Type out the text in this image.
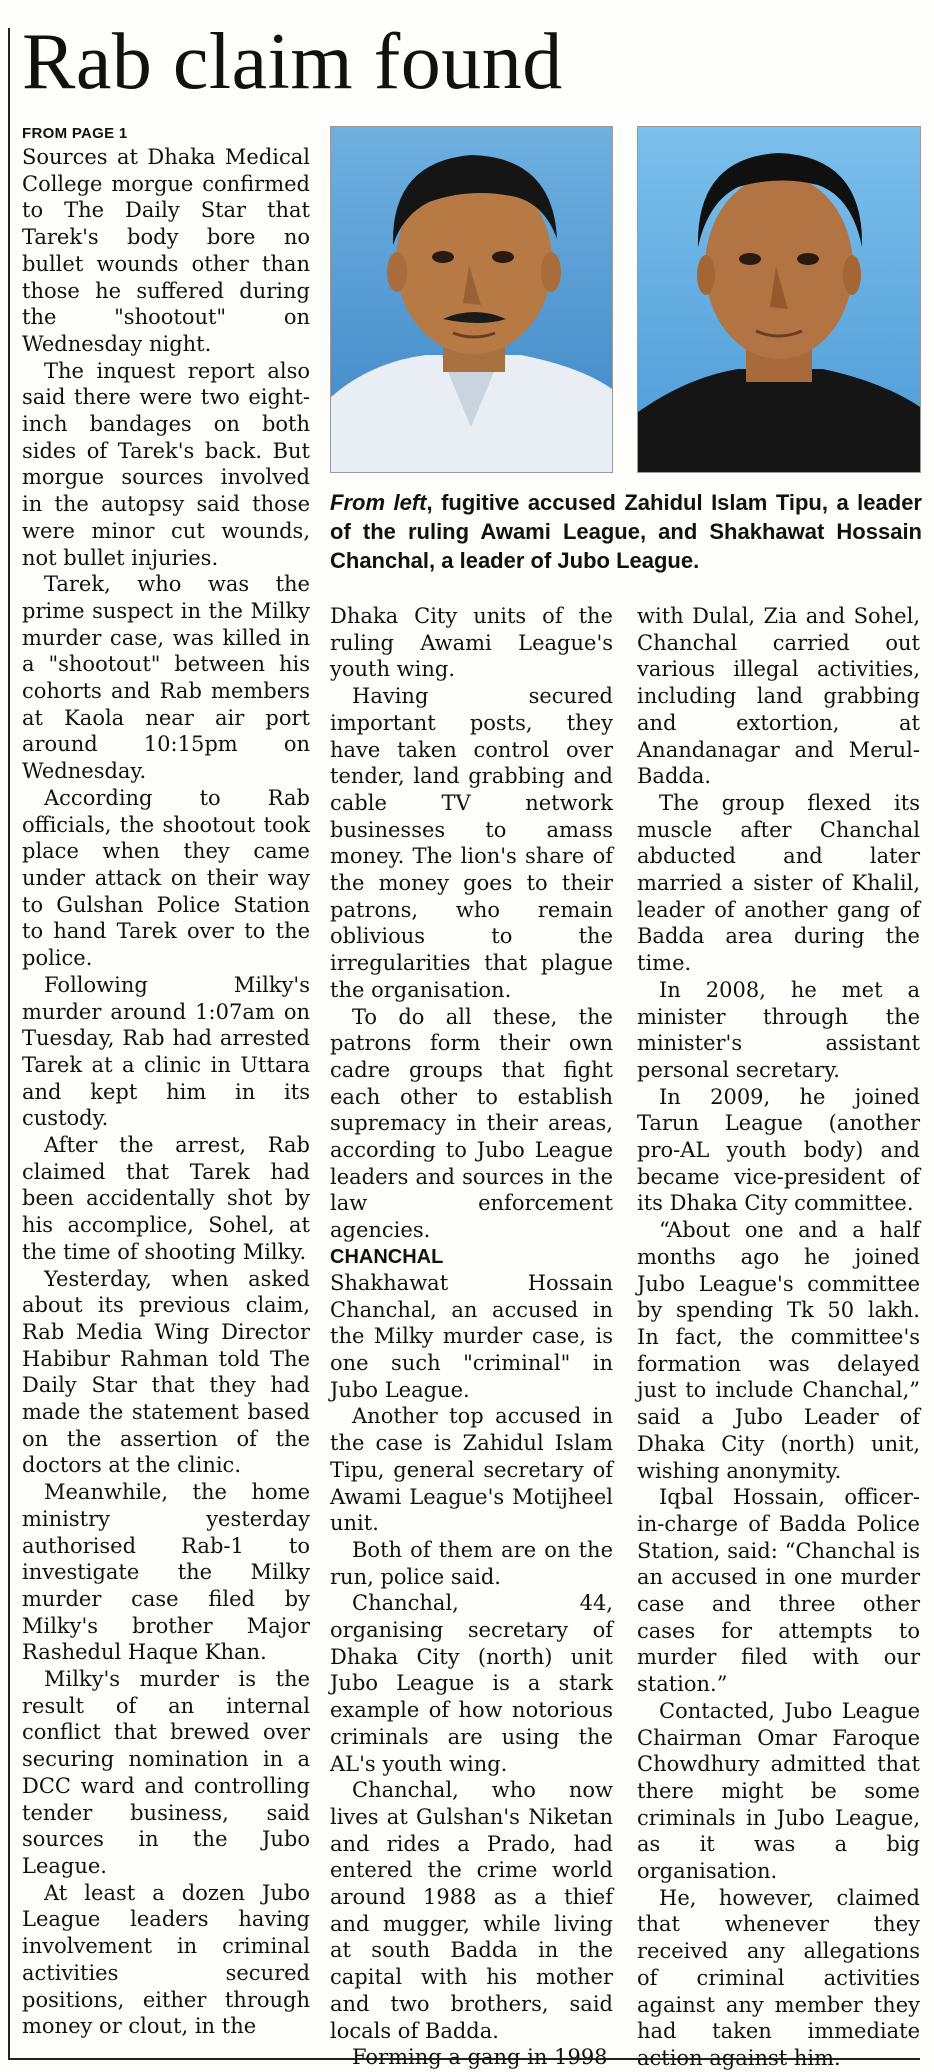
Rab claim found
FROM PAGE 1

Sources at Dhaka Medical College morgue confirmed to The Daily Star that Tarek's body bore no bullet wounds other than those he suffered during the "shootout" on Wednesday night.

The inquest report also said there were two eight-inch bandages on both sides of Tarek's back. But morgue sources involved in the autopsy said those were minor cut wounds, not bullet injuries.

Tarek, who was the prime suspect in the Milky murder case, was killed in a "shootout" between his cohorts and Rab members at Kaola near air port around 10:15pm on Wednesday.

According to Rab officials, the shootout took place when they came under attack on their way to Gulshan Police Station to hand Tarek over to the police.

Following Milky's murder around 1:07am on Tuesday, Rab had arrested Tarek at a clinic in Uttara and kept him in its custody.

After the arrest, Rab claimed that Tarek had been accidentally shot by his accomplice, Sohel, at the time of shooting Milky.

Yesterday, when asked about its previous claim, Rab Media Wing Director Habibur Rahman told The Daily Star that they had made the statement based on the assertion of the doctors at the clinic.

Meanwhile, the home ministry yesterday authorised Rab-1 to investigate the Milky murder case filed by Milky's brother Major Rashedul Haque Khan.

Milky's murder is the result of an internal conflict that brewed over securing nomination in a DCC ward and controlling tender business, said sources in the Jubo League.

At least a dozen Jubo League leaders having involvement in criminal activities secured positions, either through money or clout, in the

From left, fugitive accused Zahidul Islam Tipu, a leader of the ruling Awami League, and Shakhawat Hossain Chanchal, a leader of Jubo League.

Dhaka City units of the ruling Awami League's youth wing.

Having secured important posts, they have taken control over tender, land grabbing and cable TV network businesses to amass money. The lion's share of the money goes to their patrons, who remain oblivious to the irregularities that plague the organisation.

To do all these, the patrons form their own cadre groups that fight each other to establish supremacy in their areas, according to Jubo League leaders and sources in the law enforcement agencies.

CHANCHAL

Shakhawat Hossain Chanchal, an accused in the Milky murder case, is one such "criminal" in Jubo League.

Another top accused in the case is Zahidul Islam Tipu, general secretary of Awami League's Motijheel unit.

Both of them are on the run, police said.

Chanchal, 44, organising secretary of Dhaka City (north) unit Jubo League is a stark example of how notorious criminals are using the AL's youth wing.

Chanchal, who now lives at Gulshan's Niketan and rides a Prado, had entered the crime world around 1988 as a thief and mugger, while living at south Badda in the capital with his mother and two brothers, said locals of Badda.

Forming a gang in 1998

with Dulal, Zia and Sohel, Chanchal carried out various illegal activities, including land grabbing and extortion, at Anandanagar and Merul-Badda.

The group flexed its muscle after Chanchal abducted and later married a sister of Khalil, leader of another gang of Badda area during the time.

In 2008, he met a minister through the minister's assistant personal secretary.

In 2009, he joined Tarun League (another pro-AL youth body) and became vice-president of its Dhaka City committee.

“About one and a half months ago he joined Jubo League's committee by spending Tk 50 lakh. In fact, the committee's formation was delayed just to include Chanchal,” said a Jubo Leader of Dhaka City (north) unit, wishing anonymity.

Iqbal Hossain, officer-in-charge of Badda Police Station, said: “Chanchal is an accused in one murder case and three other cases for attempts to murder filed with our station.”

Contacted, Jubo League Chairman Omar Faroque Chowdhury admitted that there might be some criminals in Jubo League, as it was a big organisation.

He, however, claimed that whenever they received any allegations of criminal activities against any member they had taken immediate action against him.
